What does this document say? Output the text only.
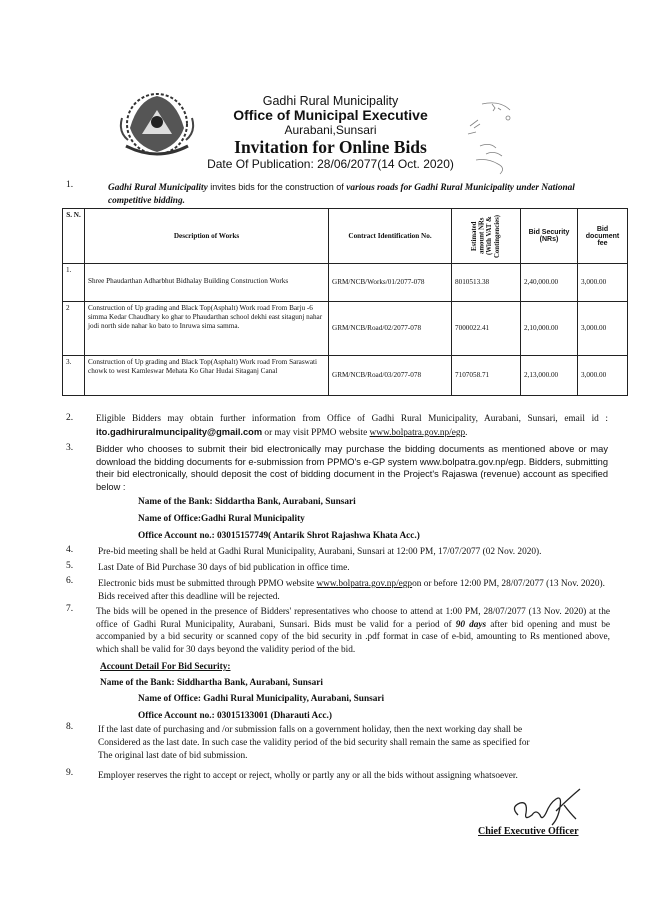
Gadhi Rural Municipality
Office of Municipal Executive
Aurabani,Sunsari
Invitation for Online Bids
Date Of Publication: 28/06/2077(14 Oct. 2020)
1.	Gadhi Rural Municipality invites bids for the construction of various roads for Gadhi Rural Municipality under National competitive bidding.
S. N.	Description of Works	Contract Identification No.	Estimated amount NRs (With VAT & Contingencies)	Bid Security (NRs)	Bid document fee
1.	Shree Phaudarthan Adharbhut Bidhalay Building Construction Works	GRM/NCB/Works/01/2077-078	8010513.38	2,40,000.00	3,000.00
2	Construction of Up grading and Black Top(Asphalt) Work road From Barju -6 simma Kedar Chaudhary ko ghar to Phaudarthan school dekhi east sitagunj nahar jodi north side nahar ko bato to Inruwa sima samma.	GRM/NCB/Road/02/2077-078	7000022.41	2,10,000.00	3,000.00
3.	Construction of Up grading and Black Top(Asphalt) Work road From Saraswati chowk to west Kamleswar Mehata Ko Ghar Hudai Sitaganj Canal	GRM/NCB/Road/03/2077-078	7107058.71	2,13,000.00	3,000.00
2. Eligible Bidders may obtain further information from Office of Gadhi Rural Municipality, Aurabani, Sunsari, email id : ito.gadhiruralmuncipality@gmail.com or may visit PPMO website www.bolpatra.gov.np/egp.
3. Bidder who chooses to submit their bid electronically may purchase the bidding documents as mentioned above or may download the bidding documents for e-submission from PPMO's e-GP system www.bolpatra.gov.np/egp. Bidders, submitting their bid electronically, should deposit the cost of bidding document in the Project's Rajaswa (revenue) account as specified below :
Name of the Bank: Siddartha Bank, Aurabani, Sunsari
Name of Office:Gadhi Rural Municipality
Office Account no.: 03015157749( Antarik Shrot Rajashwa Khata Acc.)
4.	Pre-bid meeting shall be held at Gadhi Rural Municipality, Aurabani, Sunsari at 12:00 PM, 17/07/2077 (02 Nov. 2020).
5.	Last Date of Bid Purchase 30 days of bid publication in office time.
6.	Electronic bids must be submitted through PPMO website www.bolpatra.gov.np/egpon or before 12:00 PM, 28/07/2077 (13 Nov. 2020). Bids received after this deadline will be rejected.
7. The bids will be opened in the presence of Bidders' representatives who choose to attend at 1:00 PM, 28/07/2077 (13 Nov. 2020) at the office of Gadhi Rural Municipality, Aurabani, Sunsari. Bids must be valid for a period of 90 days after bid opening and must be accompanied by a bid security or scanned copy of the bid security in .pdf format in case of e-bid, amounting to Rs mentioned above, which shall be valid for 30 days beyond the validity period of the bid.
Account Detail For Bid Security:
Name of the Bank: Siddhartha Bank, Aurabani, Sunsari
Name of Office: Gadhi Rural Municipality, Aurabani, Sunsari
Office Account no.: 03015133001 (Dharauti Acc.)
8.	If the last date of purchasing and /or submission falls on a government holiday, then the next working day shall be Considered as the last date. In such case the validity period of the bid security shall remain the same as specified for The original last date of bid submission.
9.	Employer reserves the right to accept or reject, wholly or partly any or all the bids without assigning whatsoever.
Chief Executive Officer
